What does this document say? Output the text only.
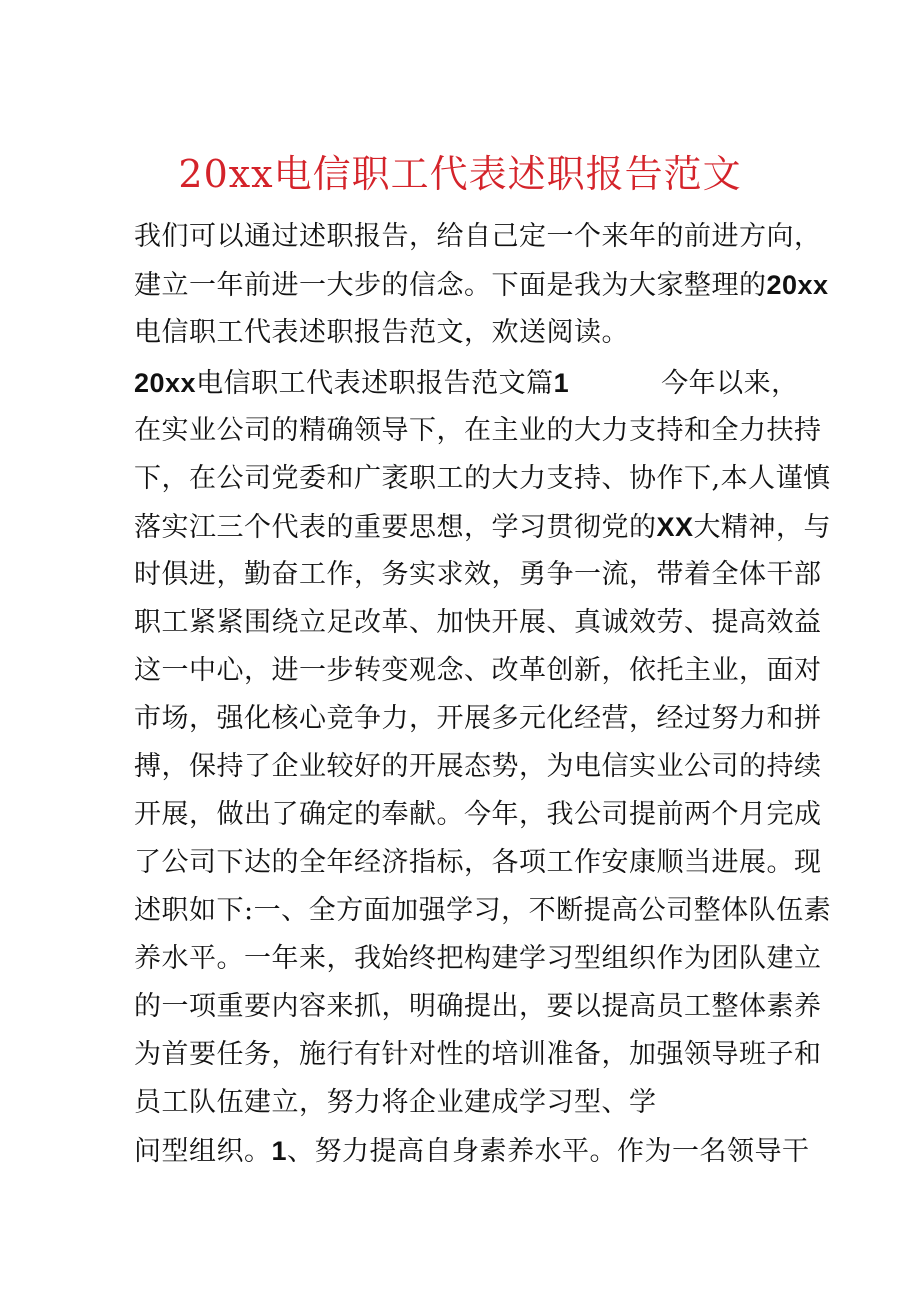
20xx电信职工代表述职报告范文
我们可以通过述职报告，给自己定一个来年的前进方向，
建立一年前进一大步的信念。下面是我为大家整理的20xx
电信职工代表述职报告范文，欢送阅读。
20xx电信职工代表述职报告范文篇1	今年以来，
在实业公司的精确领导下，在主业的大力支持和全力扶持
下，在公司党委和广袤职工的大力支持、协作下,本人谨慎
落实江三个代表的重要思想，学习贯彻党的XX大精神，与
时俱进，勤奋工作，务实求效，勇争一流，带着全体干部
职工紧紧围绕立足改革、加快开展、真诚效劳、提高效益
这一中心，进一步转变观念、改革创新，依托主业，面对
市场，强化核心竞争力，开展多元化经营，经过努力和拼
搏，保持了企业较好的开展态势，为电信实业公司的持续
开展，做出了确定的奉献。今年，我公司提前两个月完成
了公司下达的全年经济指标，各项工作安康顺当进展。现
述职如下:一、全方面加强学习，不断提高公司整体队伍素
养水平。一年来，我始终把构建学习型组织作为团队建立
的一项重要内容来抓，明确提出，要以提高员工整体素养
为首要任务，施行有针对性的培训准备，加强领导班子和
员工队伍建立，努力将企业建成学习型、学
问型组织。1、努力提高自身素养水平。作为一名领导干
